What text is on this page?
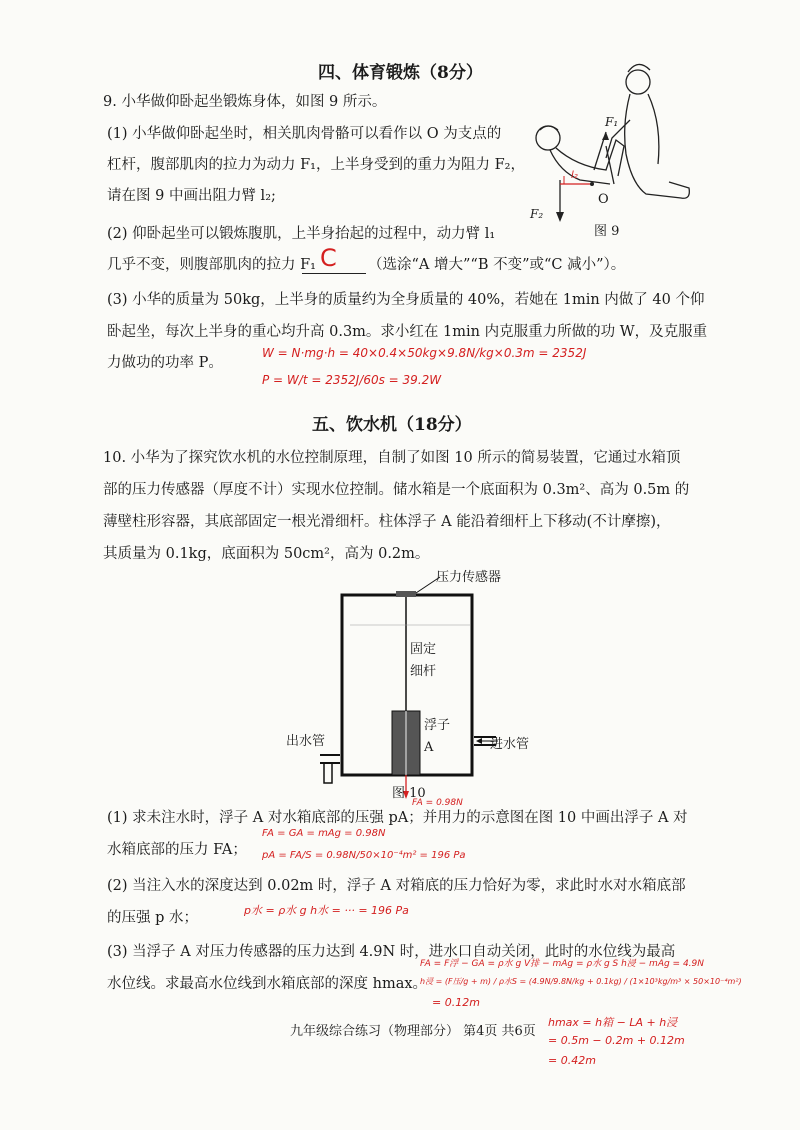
四、体育锻炼（8分）
9. 小华做仰卧起坐锻炼身体，如图 9 所示。
(1) 小华做仰卧起坐时，相关肌肉骨骼可以看作以 O 为支点的
杠杆，腹部肌肉的拉力为动力 F₁，上半身受到的重力为阻力 F₂，
请在图 9 中画出阻力臂 l₂;
(2) 仰卧起坐可以锻炼腹肌，上半身抬起的过程中，动力臂 l₁
几乎不变，则腹部肌肉的拉力 F₁ C （选涂“A 增大”“B 不变”或“C 减小”）。
(3) 小华的质量为 50kg，上半身的质量约为全身质量的 40%，若她在 1min 内做了 40 个仰
卧起坐，每次上半身的重心均升高 0.3m。求小红在 1min 内克服重力所做的功 W，及克服重
力做功的功率 P。
W = N·mg·h = 40×0.4×50kg×9.8N/kg×0.3m = 2352J
P = W/t = 2352J/60s = 39.2W
F₁
F₂
O
l₂
图 9
五、饮水机（18分）
10. 小华为了探究饮水机的水位控制原理，自制了如图 10 所示的简易装置，它通过水箱顶
部的压力传感器（厚度不计）实现水位控制。储水箱是一个底面积为 0.3m²、高为 0.5m 的
薄壁柱形容器，其底部固定一根光滑细杆。柱体浮子 A 能沿着细杆上下移动(不计摩擦)，
其质量为 0.1kg，底面积为 50cm²，高为 0.2m。
压力传感器
固定
细杆
浮子
A
出水管	进水管
图 10
FA = 0.98N
(1) 求未注水时，浮子 A 对水箱底部的压强 pA；并用力的示意图在图 10 中画出浮子 A 对
水箱底部的压力 FA；
FA = GA = mAg = 0.98N
pA = FA/S = 0.98N/50×10⁻⁴m² = 196 Pa
(2) 当注入水的深度达到 0.02m 时，浮子 A 对箱底的压力恰好为零，求此时水对水箱底部
的压强 p 水；	p水 = ρ水 g h水 = ··· = 196 Pa
(3) 当浮子 A 对压力传感器的压力达到 4.9N 时，进水口自动关闭，此时的水位线为最高
水位线。求最高水位线到水箱底部的深度 hmax。
FA = F浮 − GA = ρ水 g V排 − mAg = ρ水 g S h浸 − mAg = 4.9N
h浸 = (F压/g + m) / ρ水S = (4.9N/9.8N/kg + 0.1kg) / (1×10³kg/m³ × 50×10⁻⁴m²)
= 0.12m
hmax = h箱 − LA + h浸
= 0.5m − 0.2m + 0.12m
= 0.42m
九年级综合练习（物理部分） 第4页 共6页
